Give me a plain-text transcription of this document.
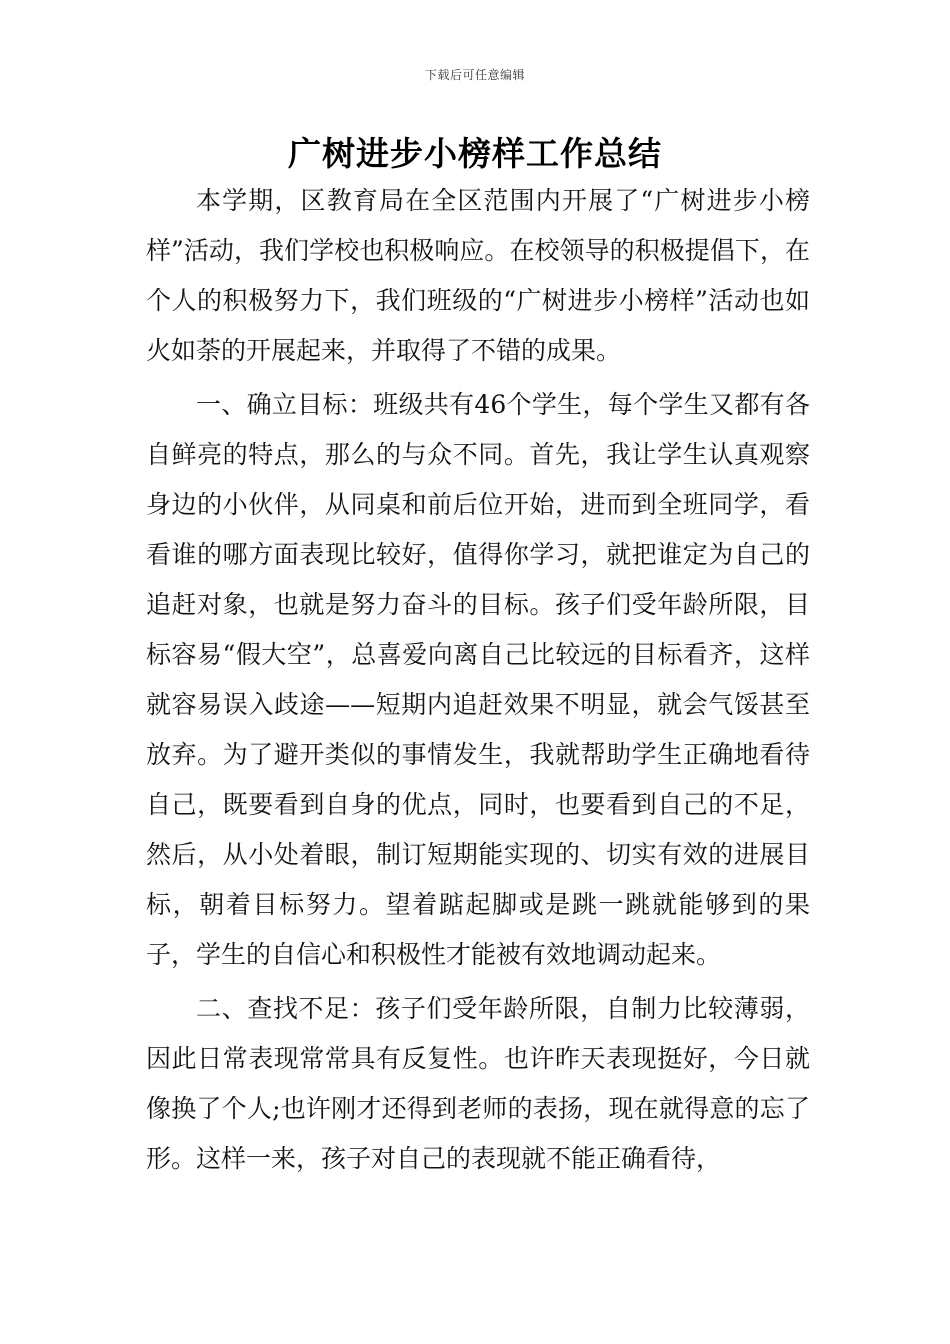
下载后可任意编辑
广树进步小榜样工作总结

本学期，区教育局在全区范围内开展了“广树进步小榜样”活动，我们学校也积极响应。在校领导的积极提倡下，在个人的积极努力下，我们班级的“广树进步小榜样”活动也如火如荼的开展起来，并取得了不错的成果。

一、确立目标：班级共有46个学生，每个学生又都有各自鲜亮的特点，那么的与众不同。首先，我让学生认真观察身边的小伙伴，从同桌和前后位开始，进而到全班同学，看看谁的哪方面表现比较好，值得你学习，就把谁定为自己的追赶对象，也就是努力奋斗的目标。孩子们受年龄所限，目标容易“假大空”，总喜爱向离自己比较远的目标看齐，这样就容易误入歧途——短期内追赶效果不明显，就会气馁甚至放弃。为了避开类似的事情发生，我就帮助学生正确地看待自己，既要看到自身的优点，同时，也要看到自己的不足，然后，从小处着眼，制订短期能实现的、切实有效的进展目标，朝着目标努力。望着踮起脚或是跳一跳就能够到的果子，学生的自信心和积极性才能被有效地调动起来。

二、查找不足：孩子们受年龄所限，自制力比较薄弱，因此日常表现常常具有反复性。也许昨天表现挺好，今日就像换了个人;也许刚才还得到老师的表扬，现在就得意的忘了形。这样一来，孩子对自己的表现就不能正确看待，
